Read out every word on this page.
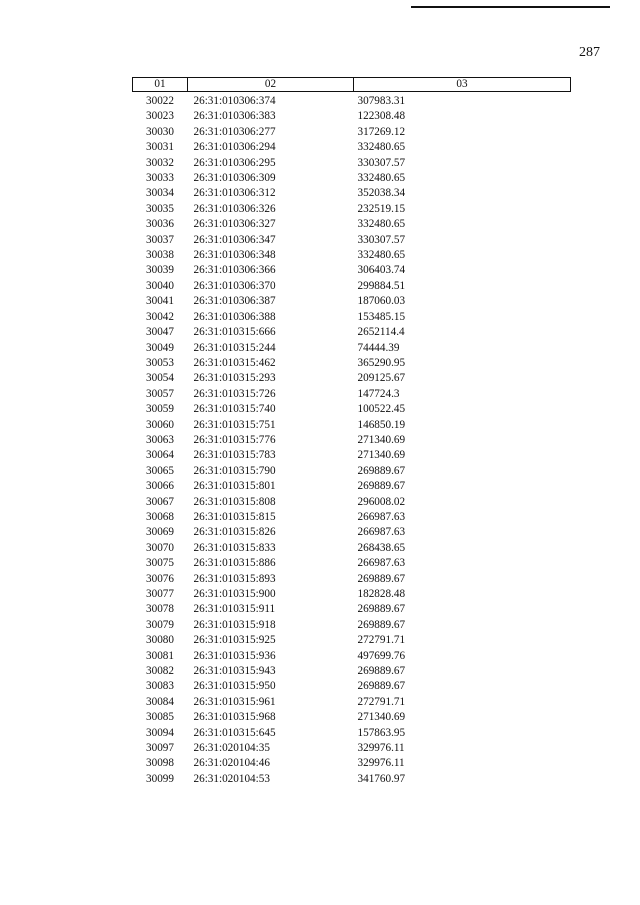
287
01	02	03
30022	26:31:010306:374	307983.31
30023	26:31:010306:383	122308.48
30030	26:31:010306:277	317269.12
30031	26:31:010306:294	332480.65
30032	26:31:010306:295	330307.57
30033	26:31:010306:309	332480.65
30034	26:31:010306:312	352038.34
30035	26:31:010306:326	232519.15
30036	26:31:010306:327	332480.65
30037	26:31:010306:347	330307.57
30038	26:31:010306:348	332480.65
30039	26:31:010306:366	306403.74
30040	26:31:010306:370	299884.51
30041	26:31:010306:387	187060.03
30042	26:31:010306:388	153485.15
30047	26:31:010315:666	2652114.4
30049	26:31:010315:244	74444.39
30053	26:31:010315:462	365290.95
30054	26:31:010315:293	209125.67
30057	26:31:010315:726	147724.3
30059	26:31:010315:740	100522.45
30060	26:31:010315:751	146850.19
30063	26:31:010315:776	271340.69
30064	26:31:010315:783	271340.69
30065	26:31:010315:790	269889.67
30066	26:31:010315:801	269889.67
30067	26:31:010315:808	296008.02
30068	26:31:010315:815	266987.63
30069	26:31:010315:826	266987.63
30070	26:31:010315:833	268438.65
30075	26:31:010315:886	266987.63
30076	26:31:010315:893	269889.67
30077	26:31:010315:900	182828.48
30078	26:31:010315:911	269889.67
30079	26:31:010315:918	269889.67
30080	26:31:010315:925	272791.71
30081	26:31:010315:936	497699.76
30082	26:31:010315:943	269889.67
30083	26:31:010315:950	269889.67
30084	26:31:010315:961	272791.71
30085	26:31:010315:968	271340.69
30094	26:31:010315:645	157863.95
30097	26:31:020104:35	329976.11
30098	26:31:020104:46	329976.11
30099	26:31:020104:53	341760.97
